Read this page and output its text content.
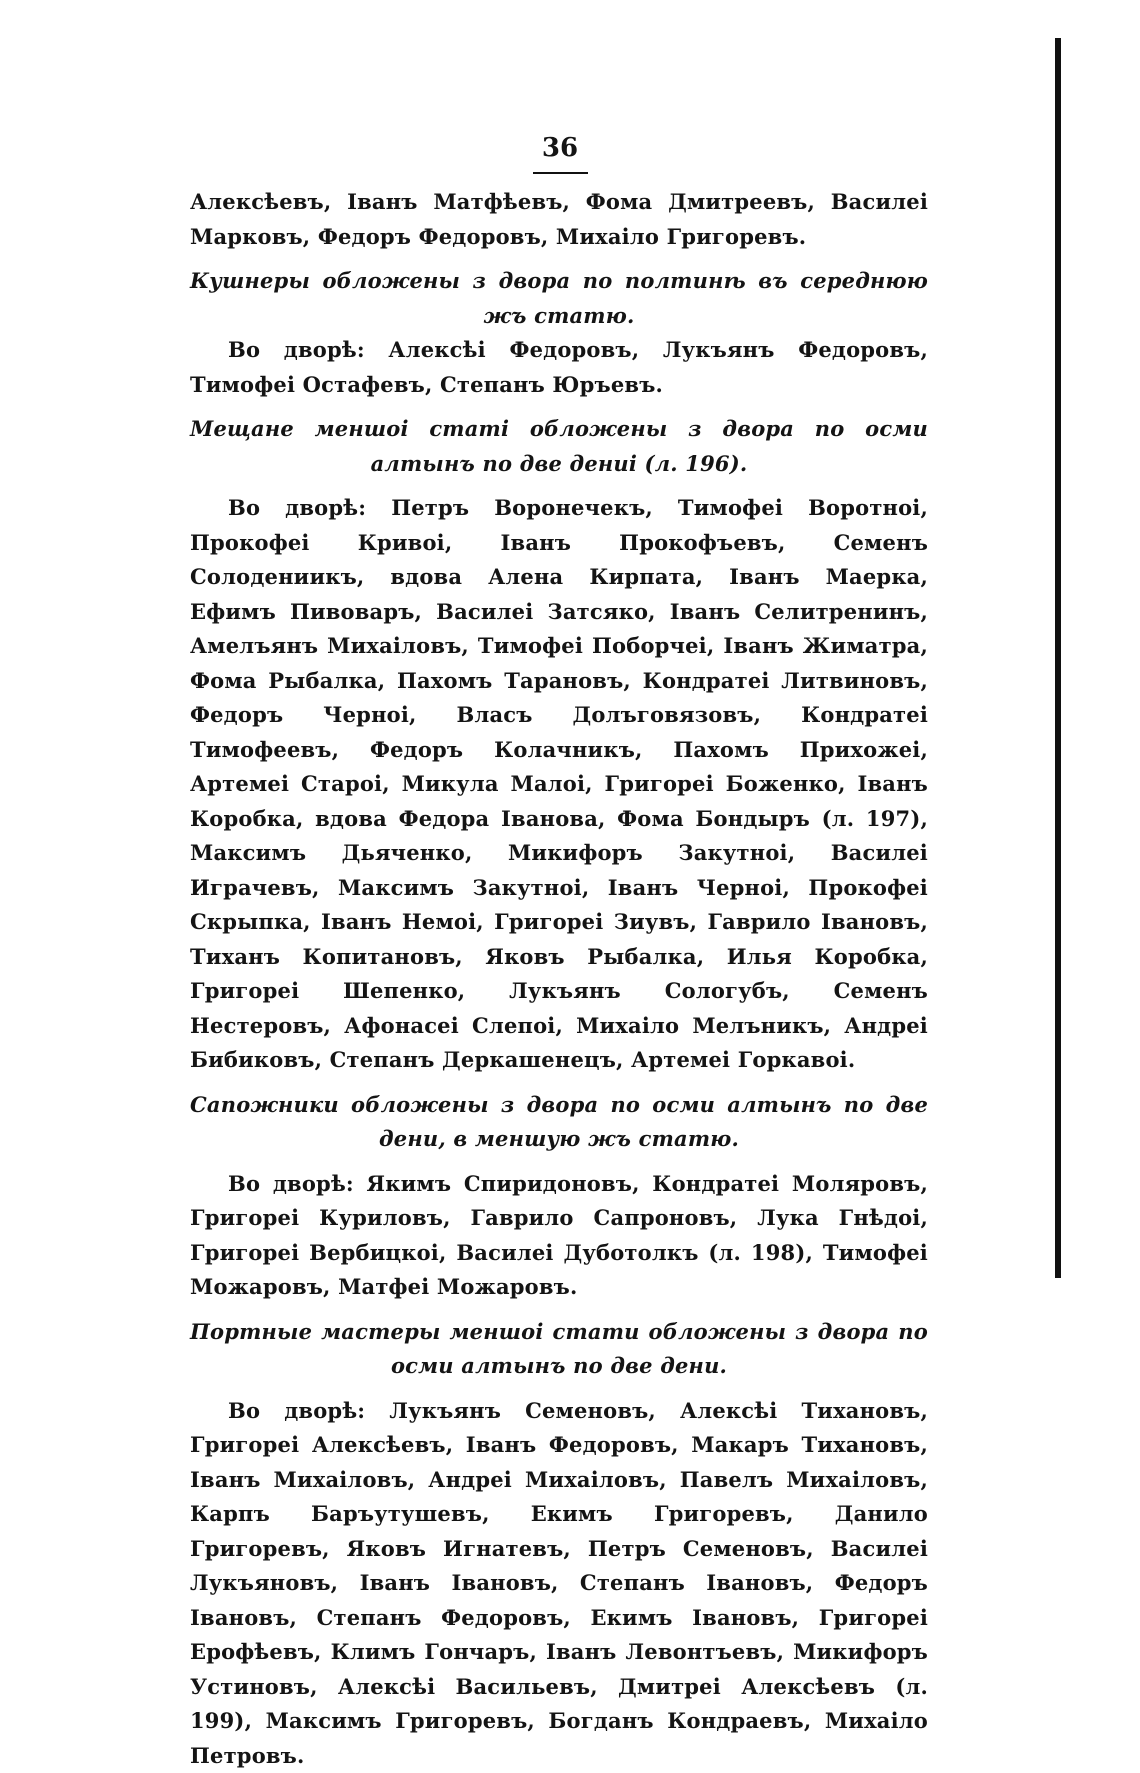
36

Алексѣевъ, Іванъ Матфѣевъ, Фома Дмитреевъ, Василеі Марковъ, Федоръ Федоровъ, Михаіло Григоревъ.

Кушнеры обложены з двора по полтинѣ въ середнюю жъ статю.

Во дворѣ: Алексѣі Федоровъ, Лукъянъ Федоровъ, Тимофеі Остафевъ, Степанъ Юръевъ.

Мещане меншоі статі обложены з двора по осми алтынъ по две дениі (л. 196).

Во дворѣ: Петръ Воронечекъ, Тимофеі Воротноі, Прокофеі Кривоі, Іванъ Прокофъевъ, Семенъ Солодениикъ, вдова Алена Кирпата, Іванъ Маерка, Ефимъ Пивоваръ, Василеі Затсяко, Іванъ Селитренинъ, Амелъянъ Михаіловъ, Тимофеі Поборчеі, Іванъ Жиматра, Фома Рыбалка, Пахомъ Тарановъ, Кондратеі Литвиновъ, Федоръ Черноі, Власъ Долъговязовъ, Кондратеі Тимофеевъ, Федоръ Колачникъ, Пахомъ Прихожеі, Артемеі Староі, Микула Малоі, Григореі Боженко, Іванъ Коробка, вдова Федора Іванова, Фома Бондыръ (л. 197), Максимъ Дьяченко, Микифоръ Закутноі, Василеі Играчевъ, Максимъ Закутноі, Іванъ Черноі, Прокофеі Скрыпка, Іванъ Немоі, Григореі Зиувъ, Гаврило Івановъ, Тиханъ Копитановъ, Яковъ Рыбалка, Илья Коробка, Григореі Шепенко, Лукъянъ Сологубъ, Семенъ Нестеровъ, Афонасеі Слепоі, Михаіло Мелъникъ, Андреі Бибиковъ, Степанъ Деркашенецъ, Артемеі Горкавоі.

Сапожники обложены з двора по осми алтынъ по две дени, в меншую жъ статю.

Во дворѣ: Якимъ Спиридоновъ, Кондратеі Моляровъ, Григореі Куриловъ, Гаврило Сапроновъ, Лука Гнѣдоі, Григореі Вербицкоі, Василеі Дуботолкъ (л. 198), Тимофеі Можаровъ, Матфеі Можаровъ.

Портные мастеры меншоі стати обложены з двора по осми алтынъ по две дени.

Во дворѣ: Лукъянъ Семеновъ, Алексѣі Тихановъ, Григореі Алексѣевъ, Іванъ Федоровъ, Макаръ Тихановъ, Іванъ Михаіловъ, Андреі Михаіловъ, Павелъ Михаіловъ, Карпъ Баръутушевъ, Екимъ Григоревъ, Данило Григоревъ, Яковъ Игнатевъ, Петръ Семеновъ, Василеі Лукъяновъ, Іванъ Івановъ, Степанъ Івановъ, Федоръ Івановъ, Степанъ Федоровъ, Екимъ Івановъ, Григореі Ерофѣевъ, Климъ Гончаръ, Іванъ Левонтъевъ, Микифоръ Устиновъ, Алексѣі Васильевъ, Дмитреі Алексѣевъ (л. 199), Максимъ Григоревъ, Богданъ Кондраевъ, Михаіло Петровъ.
